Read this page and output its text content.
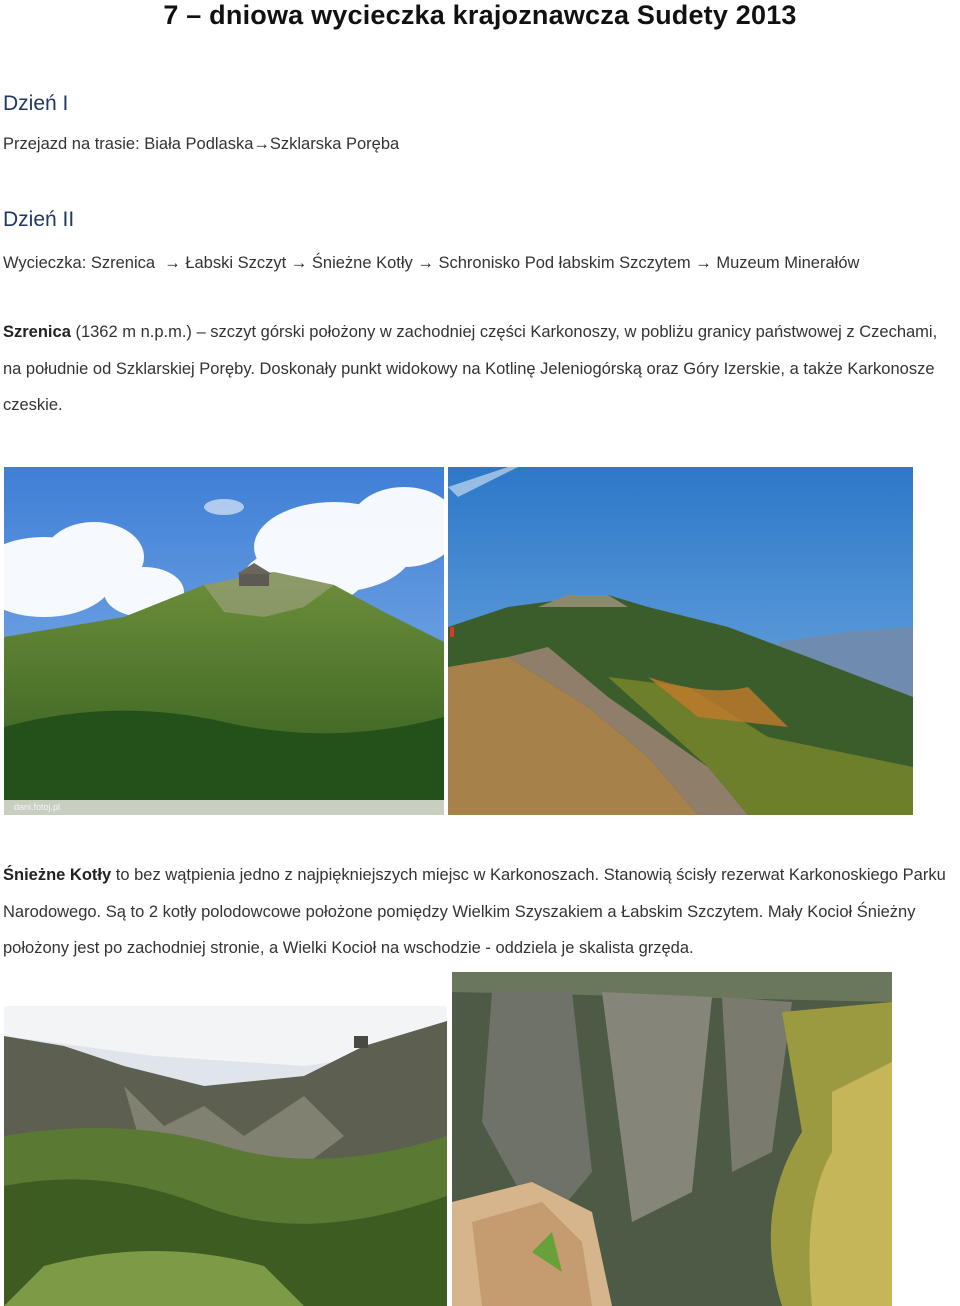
7 – dniowa wycieczka krajoznawcza Sudety 2013
Dzień I
Przejazd na trasie: Biała Podlaska→Szklarska Poręba
Dzień II
Wycieczka: Szrenica → Łabski Szczyt → Śnieżne Kotły → Schronisko Pod łabskim Szczytem → Muzeum Minerałów
Szrenica (1362 m n.p.m.) – szczyt górski położony w zachodniej części Karkonoszy, w pobliżu granicy państwowej z Czechami, na południe od Szklarskiej Poręby. Doskonały punkt widokowy na Kotlinę Jeleniogórską oraz Góry Izerskie, a także Karkonosze czeskie.
dani.fotoj.pl
Śnieżne Kotły to bez wątpienia jedno z najpiękniejszych miejsc w Karkonoszach. Stanowią ścisły rezerwat Karkonoskiego Parku Narodowego. Są to 2 kotły polodowcowe położone pomiędzy Wielkim Szyszakiem a Łabskim Szczytem. Mały Kocioł Śnieżny położony jest po zachodniej stronie, a Wielki Kocioł na wschodzie - oddziela je skalista grzęda.
